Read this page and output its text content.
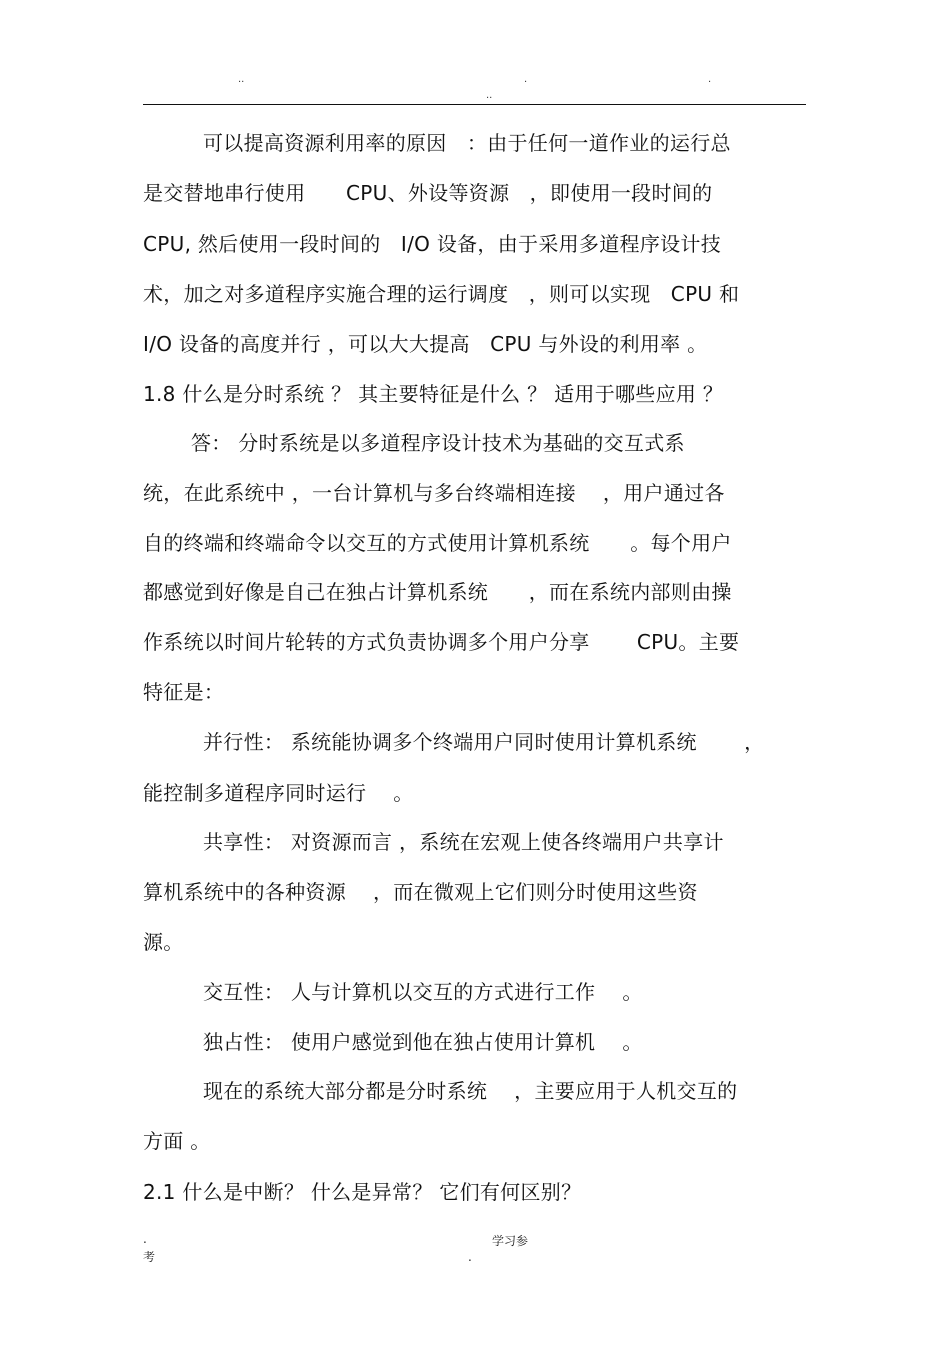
..	.	.
..
可以提高资源利用率的原因　：由于任何一道作业的运行总
是交替地串行使用　　CPU、外设等资源　，即使用一段时间的
CPU, 然后使用一段时间的　I/O 设备，由于采用多道程序设计技
术，加之对多道程序实施合理的运行调度　，则可以实现　CPU 和
I/O 设备的高度并行 ，可以大大提高　CPU 与外设的利用率 。
1.8 什么是分时系统 ？ 其主要特征是什么 ？ 适用于哪些应用 ？
答： 分时系统是以多道程序设计技术为基础的交互式系
统，在此系统中 ，一台计算机与多台终端相连接　 ，用户通过各
自的终端和终端命令以交互的方式使用计算机系统　　。每个用户
都感觉到好像是自己在独占计算机系统　　，而在系统内部则由操
作系统以时间片轮转的方式负责协调多个用户分享　　 CPU。主要
特征是：
并行性： 系统能协调多个终端用户同时使用计算机系统　　 ，
能控制多道程序同时运行 　。
共享性： 对资源而言 ，系统在宏观上使各终端用户共享计
算机系统中的各种资源　 ，而在微观上它们则分时使用这些资
源。
交互性： 人与计算机以交互的方式进行工作　 。
独占性： 使用户感觉到他在独占使用计算机　 。
现在的系统大部分都是分时系统　 ，主要应用于人机交互的
方面 。
2.1 什么是中断？ 什么是异常？ 它们有何区别？
.
考
学习参
.
